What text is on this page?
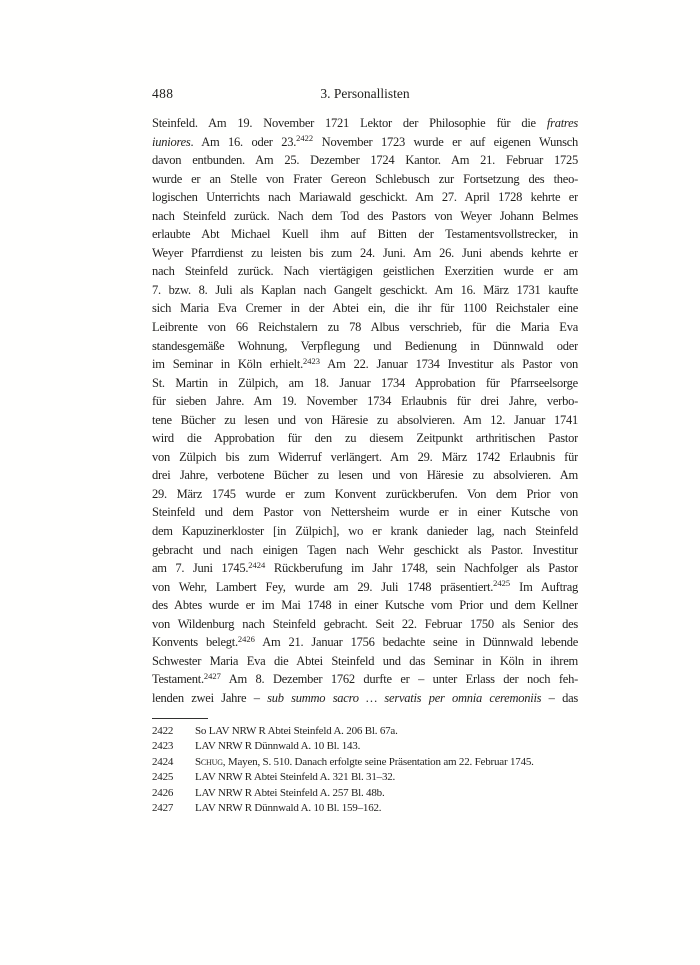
488	3. Personallisten
Steinfeld. Am 19. November 1721 Lektor der Philosophie für die fratres
iuniores. Am 16. oder 23.$^{2422}$ November 1723 wurde er auf eigenen Wunsch
davon entbunden. Am 25. Dezember 1724 Kantor. Am 21. Februar 1725
wurde er an Stelle von Frater Gereon Schlebusch zur Fortsetzung des theo-
logischen Unterrichts nach Mariawald geschickt. Am 27. April 1728 kehrte er
nach Steinfeld zurück. Nach dem Tod des Pastors von Weyer Johann Belmes
erlaubte Abt Michael Kuell ihm auf Bitten der Testamentsvollstrecker, in
Weyer Pfarrdienst zu leisten bis zum 24. Juni. Am 26. Juni abends kehrte er
nach Steinfeld zurück. Nach viertägigen geistlichen Exerzitien wurde er am
7. bzw. 8. Juli als Kaplan nach Gangelt geschickt. Am 16. März 1731 kaufte
sich Maria Eva Cremer in der Abtei ein, die ihr für 1100 Reichstaler eine
Leibrente von 66 Reichstalern zu 78 Albus verschrieb, für die Maria Eva
standesgemäße Wohnung, Verpflegung und Bedienung in Dünnwald oder
im Seminar in Köln erhielt.$^{2423}$ Am 22. Januar 1734 Investitur als Pastor von
St. Martin in Zülpich, am 18. Januar 1734 Approbation für Pfarrseelsorge
für sieben Jahre. Am 19. November 1734 Erlaubnis für drei Jahre, verbo-
tene Bücher zu lesen und von Häresie zu absolvieren. Am 12. Januar 1741
wird die Approbation für den zu diesem Zeitpunkt arthritischen Pastor
von Zülpich bis zum Widerruf verlängert. Am 29. März 1742 Erlaubnis für
drei Jahre, verbotene Bücher zu lesen und von Häresie zu absolvieren. Am
29. März 1745 wurde er zum Konvent zurückberufen. Von dem Prior von
Steinfeld und dem Pastor von Nettersheim wurde er in einer Kutsche von
dem Kapuzinerkloster [in Zülpich], wo er krank danieder lag, nach Steinfeld
gebracht und nach einigen Tagen nach Wehr geschickt als Pastor. Investitur
am 7. Juni 1745.$^{2424}$ Rückberufung im Jahr 1748, sein Nachfolger als Pastor
von Wehr, Lambert Fey, wurde am 29. Juli 1748 präsentiert.$^{2425}$ Im Auftrag
des Abtes wurde er im Mai 1748 in einer Kutsche vom Prior und dem Kellner
von Wildenburg nach Steinfeld gebracht. Seit 22. Februar 1750 als Senior des
Konvents belegt.$^{2426}$ Am 21. Januar 1756 bedachte seine in Dünnwald lebende
Schwester Maria Eva die Abtei Steinfeld und das Seminar in Köln in ihrem
Testament.$^{2427}$ Am 8. Dezember 1762 durfte er – unter Erlass der noch feh-
lenden zwei Jahre – sub summo sacro … servatis per omnia ceremoniis – das
2422	So LAV NRW R Abtei Steinfeld A. 206 Bl. 67a.
2423	LAV NRW R Dünnwald A. 10 Bl. 143.
2424	Schug, Mayen, S. 510. Danach erfolgte seine Präsentation am 22. Februar 1745.
2425	LAV NRW R Abtei Steinfeld A. 321 Bl. 31–32.
2426	LAV NRW R Abtei Steinfeld A. 257 Bl. 48b.
2427	LAV NRW R Dünnwald A. 10 Bl. 159–162.
